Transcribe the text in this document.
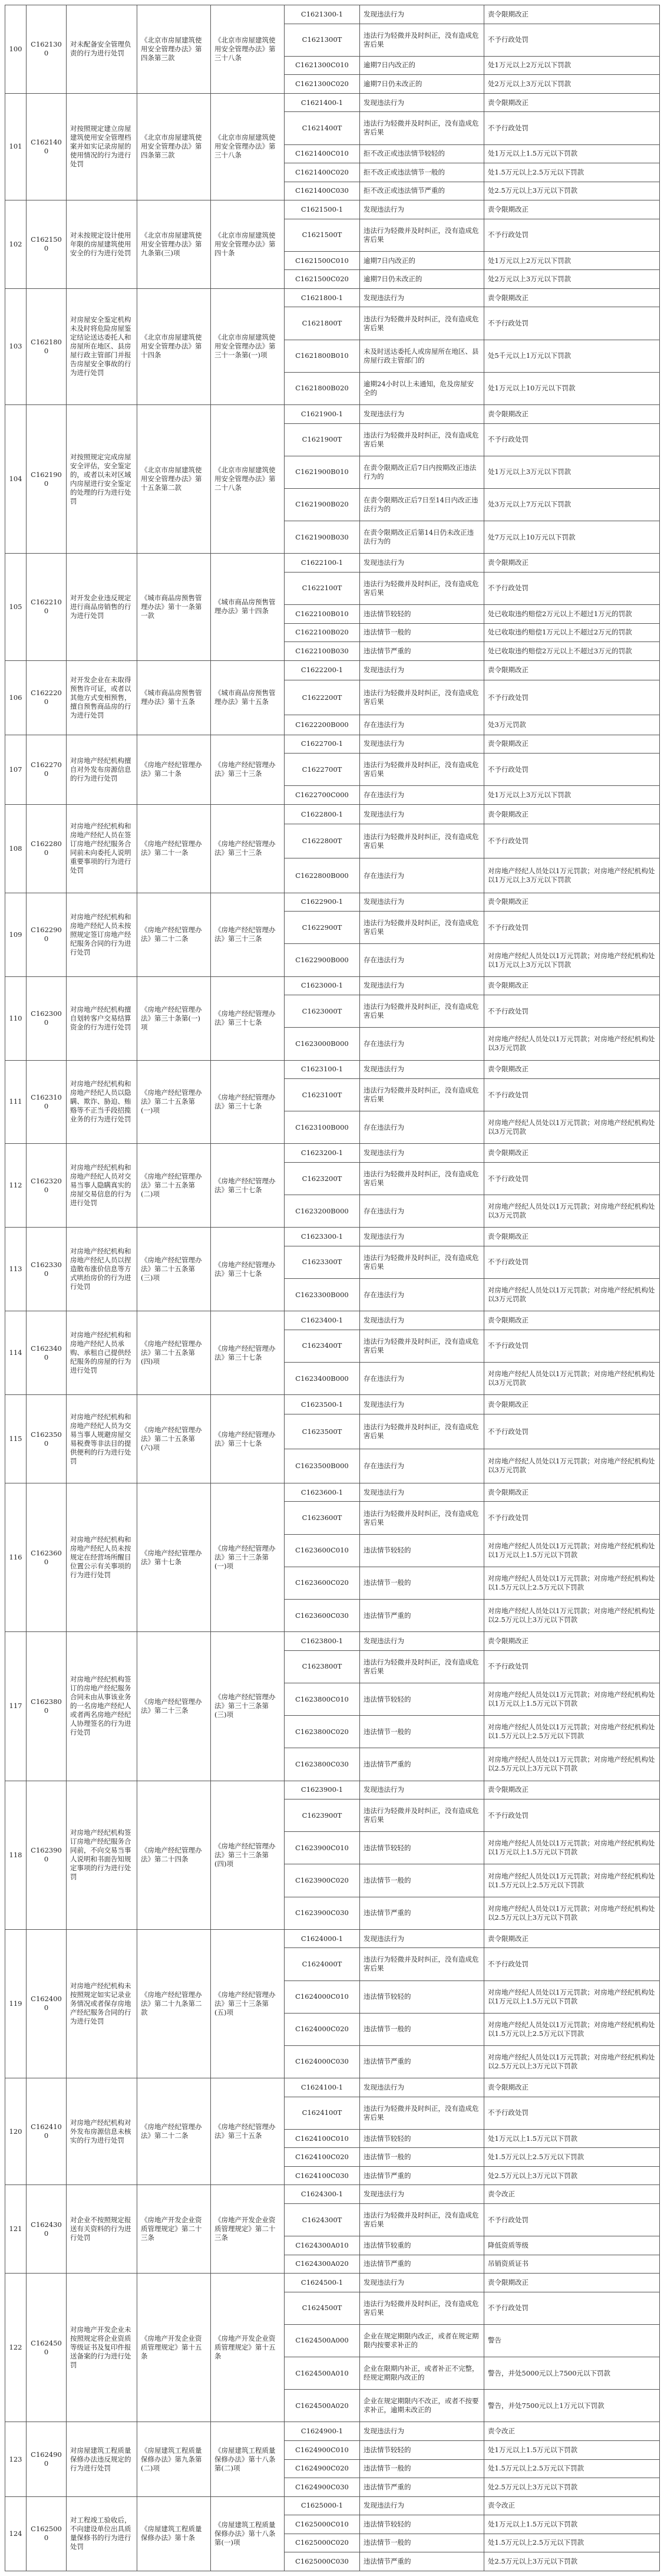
100	C1621300	对未配备安全管理负责的行为进行处罚	《北京市房屋建筑使用安全管理办法》第四条第三款	《北京市房屋建筑使用安全管理办法》第三十八条	C1621300-1	发现违法行为	责令限期改正
					C1621300T	违法行为轻微并及时纠正，没有造成危害后果	不予行政处罚
					C1621300C010	逾期7日内改正的	处1万元以上2万元以下罚款
					C1621300C020	逾期7日仍未改正的	处2万元以上3万元以下罚款
101	C1621400	对按照规定建立房屋建筑使用安全管理档案并如实记录房屋的使用情况的行为进行处罚	《北京市房屋建筑使用安全管理办法》第四条第三款	《北京市房屋建筑使用安全管理办法》第三十八条	C1621400-1	发现违法行为	责令限期改正
					C1621400T	违法行为轻微并及时纠正，没有造成危害后果	不予行政处罚
					C1621400C010	拒不改正或违法情节较轻的	处1万元以上1.5万元以下罚款
					C1621400C020	拒不改正或违法情节一般的	处1.5万元以上2.5万元以下罚款
					C1621400C030	拒不改正或违法情节严重的	处2.5万元以上3万元以下罚款
102	C1621500	对未按规定设计使用年限的房屋建筑使用安全的行为进行处罚	《北京市房屋建筑使用安全管理办法》第九条第(三)项	《北京市房屋建筑使用安全管理办法》第四十条	C1621500-1	发现违法行为	责令限期改正
					C1621500T	违法行为轻微并及时纠正，没有造成危害后果	不予行政处罚
					C1621500C010	逾期7日内改正的	处1万元以上2万元以下罚款
					C1621500C020	逾期7日仍未改正的	处2万元以上3万元以下罚款
103	C1621800	对房屋安全鉴定机构未及时将危险房屋鉴定结论送达委托人和房屋所在地区、县房屋行政主管部门并报告房屋安全事故的行为进行处罚	《北京市房屋建筑使用安全管理办法》第十四条	《北京市房屋建筑使用安全管理办法》第三十一条第(一)项	C1621800-1	发现违法行为	责令限期改正
					C1621800T	违法行为轻微并及时纠正，没有造成危害后果	不予行政处罚
					C1621800B010	未及时送达委托人或房屋所在地区、县房屋行政主管部门的	处5千元以上1万元以下罚款
					C1621800B020	逾期24小时以上未通知，危及房屋安全的	处1万元以上10万元以下罚款
104	C1621900	对按照规定完成房屋安全评估，安全鉴定的，或者以未对区域内房屋进行安全鉴定的处理的行为进行处罚	《北京市房屋建筑使用安全管理办法》第十五条第二款	《北京市房屋建筑使用安全管理办法》第二十八条	C1621900-1	发现违法行为	责令限期改正
					C1621900T	违法行为轻微并及时纠正，没有造成危害后果	不予行政处罚
					C1621900B010	在责令限期改正后7日内按期改正违法行为的	处1万元以上3万元以下罚款
					C1621900B020	在责令限期改正后7日至14日内改正违法行为的	处3万元以上7万元以下罚款
					C1621900B030	在责令限期改正后第14日仍未改正违法行为的	处7万元以上10万元以下罚款
105	C1622100	对开发企业违反规定进行商品房销售的行为进行处罚	《城市商品房预售管理办法》第十一条第一款	《城市商品房预售管理办法》第十四条	C1622100-1	发现违法行为	责令限期改正
					C1622100T	违法行为轻微并及时纠正，没有造成危害后果	不予行政处罚
					C1622100B010	违法情节较轻的	处已收取违约赔偿2万元以上不超过1万元的罚款
					C1622100B020	违法情节一般的	处已收取违约赔偿1万元以上不超过2万元的罚款
					C1622100B030	违法情节严重的	处已收取违约赔偿2万元以上不超过3万元的罚款
106	C1622200	对开发企业在未取得预售许可证，或者以其他方式变相预售，擅自预售商品房的行为进行处罚	《城市商品房预售管理办法》第十五条	《城市商品房预售管理办法》第十五条	C1622200-1	发现违法行为	责令限期改正
					C1622200T	违法行为轻微并及时纠正，没有造成危害后果	不予行政处罚
					C1622200B000	存在违法行为	处3万元罚款
107	C1622700	对房地产经纪机构擅自对外发布房源信息的行为进行处罚	《房地产经纪管理办法》第二十条	《房地产经纪管理办法》第三十三条	C1622700-1	发现违法行为	责令限期改正
					C1622700T	违法行为轻微并及时纠正，没有造成危害后果	不予行政处罚
					C1622700C000	存在违法行为	处1万元以上3万元以下罚款
108	C1622800	对房地产经纪机构和房地产经纪人员在签订房地产经纪服务合同前未向委托人说明重要事项的行为进行处罚	《房地产经纪管理办法》第二十一条	《房地产经纪管理办法》第三十三条	C1622800-1	发现违法行为	责令限期改正
					C1622800T	违法行为轻微并及时纠正，没有造成危害后果	不予行政处罚
					C1622800B000	存在违法行为	对房地产经纪人员处以1万元罚款；对房地产经纪机构处以1万元以上3万元以下罚款
109	C1622900	对房地产经纪机构和房地产经纪人员未按照规定签订房地产经纪服务合同的行为进行处罚	《房地产经纪管理办法》第二十二条	《房地产经纪管理办法》第三十三条	C1622900-1	发现违法行为	责令限期改正
					C1622900T	违法行为轻微并及时纠正，没有造成危害后果	不予行政处罚
					C1622900B000	存在违法行为	对房地产经纪人员处以1万元罚款；对房地产经纪机构处以1万元以上3万元以下罚款
110	C1623000	对房地产经纪机构擅自划转客户交易结算资金的行为进行处罚	《房地产经纪管理办法》第三十条第(一)项	《房地产经纪管理办法》第三十七条	C1623000-1	发现违法行为	责令限期改正
					C1623000T	违法行为轻微并及时纠正，没有造成危害后果	不予行政处罚
					C1623000B000	存在违法行为	对房地产经纪人员处以1万元罚款；对房地产经纪机构处以3万元罚款
111	C1623100	对房地产经纪机构和房地产经纪人员以隐瞒、欺诈、胁迫、贿赂等不正当手段招揽业务的行为进行处罚	《房地产经纪管理办法》第二十五条第(一)项	《房地产经纪管理办法》第三十七条	C1623100-1	发现违法行为	责令限期改正
					C1623100T	违法行为轻微并及时纠正，没有造成危害后果	不予行政处罚
					C1623100B000	存在违法行为	对房地产经纪人员处以1万元罚款；对房地产经纪机构处以3万元罚款
112	C1623200	对房地产经纪机构和房地产经纪人员对交易当事人隐瞒真实的房屋交易信息的行为进行处罚	《房地产经纪管理办法》第二十五条第(二)项	《房地产经纪管理办法》第三十七条	C1623200-1	发现违法行为	责令限期改正
					C1623200T	违法行为轻微并及时纠正，没有造成危害后果	不予行政处罚
					C1623200B000	存在违法行为	对房地产经纪人员处以1万元罚款；对房地产经纪机构处以3万元罚款
113	C1623300	对房地产经纪机构和房地产经纪人员以捏造散布涨价信息等方式哄抬房价的行为进行处罚	《房地产经纪管理办法》第二十五条第(三)项	《房地产经纪管理办法》第三十七条	C1623300-1	发现违法行为	责令限期改正
					C1623300T	违法行为轻微并及时纠正，没有造成危害后果	不予行政处罚
					C1623300B000	存在违法行为	对房地产经纪人员处以1万元罚款；对房地产经纪机构处以3万元罚款
114	C1623400	对房地产经纪机构和房地产经纪人员承购、承租自己提供经纪服务的房屋的行为进行处罚	《房地产经纪管理办法》第二十五条第(四)项	《房地产经纪管理办法》第三十七条	C1623400-1	发现违法行为	责令限期改正
					C1623400T	违法行为轻微并及时纠正，没有造成危害后果	不予行政处罚
					C1623400B000	存在违法行为	对房地产经纪人员处以1万元罚款；对房地产经纪机构处以3万元罚款
115	C1623500	对房地产经纪机构和房地产经纪人员为交易当事人规避房屋交易税费等非法目的提供便利的行为进行处罚	《房地产经纪管理办法》第二十五条第(六)项	《房地产经纪管理办法》第三十七条	C1623500-1	发现违法行为	责令限期改正
					C1623500T	违法行为轻微并及时纠正，没有造成危害后果	不予行政处罚
					C1623500B000	存在违法行为	对房地产经纪人员处以1万元罚款；对房地产经纪机构处以3万元罚款
116	C1623600	对房地产经纪机构和房地产经纪人员未按规定在经营场所醒目位置公示有关事项的行为进行处罚	《房地产经纪管理办法》第十七条	《房地产经纪管理办法》第三十三条第(一)项	C1623600-1	发现违法行为	责令限期改正
					C1623600T	违法行为轻微并及时纠正，没有造成危害后果	不予行政处罚
					C1623600C010	违法情节较轻的	对房地产经纪人员处以1万元罚款；对房地产经纪机构处以1万元以上1.5万元以下罚款
					C1623600C020	违法情节一般的	对房地产经纪人员处以1万元罚款；对房地产经纪机构处以1.5万元以上2.5万元以下罚款
					C1623600C030	违法情节严重的	对房地产经纪人员处以1万元罚款；对房地产经纪机构处以2.5万元以上3万元以下罚款
117	C1623800	对房地产经纪机构签订的房地产经纪服务合同未由从事该业务的一名房地产经纪人或者两名房地产经纪人协理签名的行为进行处罚	《房地产经纪管理办法》第二十三条	《房地产经纪管理办法》第三十三条第(三)项	C1623800-1	发现违法行为	责令限期改正
					C1623800T	违法行为轻微并及时纠正，没有造成危害后果	不予行政处罚
					C1623800C010	违法情节较轻的	对房地产经纪人员处以1万元罚款；对房地产经纪机构处以1万元以上1.5万元以下罚款
					C1623800C020	违法情节一般的	对房地产经纪人员处以1万元罚款；对房地产经纪机构处以1.5万元以上2.5万元以下罚款
					C1623800C030	违法情节严重的	对房地产经纪人员处以1万元罚款；对房地产经纪机构处以2.5万元以上3万元以下罚款
118	C1623900	对房地产经纪机构签订房地产经纪服务合同前，不向交易当事人说明和书面告知规定事项的行为进行处罚	《房地产经纪管理办法》第二十四条	《房地产经纪管理办法》第三十三条第(四)项	C1623900-1	发现违法行为	责令限期改正
					C1623900T	违法行为轻微并及时纠正，没有造成危害后果	不予行政处罚
					C1623900C010	违法情节较轻的	对房地产经纪人员处以1万元罚款；对房地产经纪机构处以1万元以上1.5万元以下罚款
					C1623900C020	违法情节一般的	对房地产经纪人员处以1万元罚款；对房地产经纪机构处以1.5万元以上2.5万元以下罚款
					C1623900C030	违法情节严重的	对房地产经纪人员处以1万元罚款；对房地产经纪机构处以2.5万元以上3万元以下罚款
119	C1624000	对房地产经纪机构未按照规定如实记录业务情况或者保存房地产经纪服务合同的行为进行处罚	《房地产经纪管理办法》第二十九条第二款	《房地产经纪管理办法》第三十三条第(五)项	C1624000-1	发现违法行为	责令限期改正
					C1624000T	违法行为轻微并及时纠正，没有造成危害后果	不予行政处罚
					C1624000C010	违法情节较轻的	对房地产经纪人员处以1万元罚款；对房地产经纪机构处以1万元以上1.5万元以下罚款
					C1624000C020	违法情节一般的	对房地产经纪人员处以1万元罚款；对房地产经纪机构处以1.5万元以上2.5万元以下罚款
					C1624000C030	违法情节严重的	对房地产经纪人员处以1万元罚款；对房地产经纪机构处以2.5万元以上3万元以下罚款
120	C1624100	对房地产经纪机构对外发布房源信息未核实的行为进行处罚	《房地产经纪管理办法》第二十二条	《房地产经纪管理办法》第三十五条	C1624100-1	发现违法行为	责令限期改正
					C1624100T	违法行为轻微并及时纠正，没有造成危害后果	不予行政处罚
					C1624100C010	违法情节较轻的	处1万元以上1.5万元以下罚款
					C1624100C020	违法情节一般的	处1.5万元以上2.5万元以下罚款
					C1624100C030	违法情节严重的	处2.5万元以上3万元以下罚款
121	C1624300	对企业不按照规定报送有关资料的行为进行处罚	《房地产开发企业资质管理规定》第二十三条	《房地产开发企业资质管理规定》第二十三条	C1624300-1	发现违法行为	责令改正
					C1624300T	违法行为轻微并及时纠正，没有造成危害后果	不予行政处罚
					C1624300A010	违法情节较重的	降低资质等级
					C1624300A020	违法情节严重的	吊销资质证书
122	C1624500	对房地产开发企业未按照规定将企业资质等级证书及复印件报送备案的行为进行处罚	《房地产开发企业资质管理规定》第十五条	《房地产开发企业资质管理规定》第十五条	C1624500-1	发现违法行为	责令限期改正
					C1624500T	违法行为轻微并及时纠正，没有造成危害后果	不予行政处罚
					C1624500A000	企业在规定期限内改正，或者在规定期限内按要求补正的	警告
					C1624500A010	企业在限期内补正，或者补正不完整，经规定期限内改正的	警告，并处5000元以上7500元以下罚款
					C1624500A020	企业在规定期限内不改正，或者不按要求补正，逾期未改正的	警告，并处7500元以上1万元以下罚款
123	C1624900	对房屋建筑工程质量保修办法违反规定的行为进行处罚	《房屋建筑工程质量保修办法》第九条第(二)项	《房屋建筑工程质量保修办法》第十八条第(二)项	C1624900-1	发现违法行为	责令改正
					C1624900C010	违法情节较轻的	处1万元以上1.5万元以下罚款
					C1624900C020	违法情节一般的	处1.5万元以上2.5万元以下罚款
					C1624900C030	违法情节严重的	处2.5万元以上3万元以下罚款
124	C1625000	对工程竣工验收后，不向建设单位出具质量保修书的行为进行处罚	《房屋建筑工程质量保修办法》第十条	《房屋建筑工程质量保修办法》第十八条第(一)项	C1625000-1	发现违法行为	责令改正
					C1625000C010	违法情节较轻的	处1万元以上1.5万元以下罚款
					C1625000C020	违法情节一般的	处1.5万元以上2.5万元以下罚款
					C1625000C030	违法情节严重的	处2.5万元以上3万元以下罚款
